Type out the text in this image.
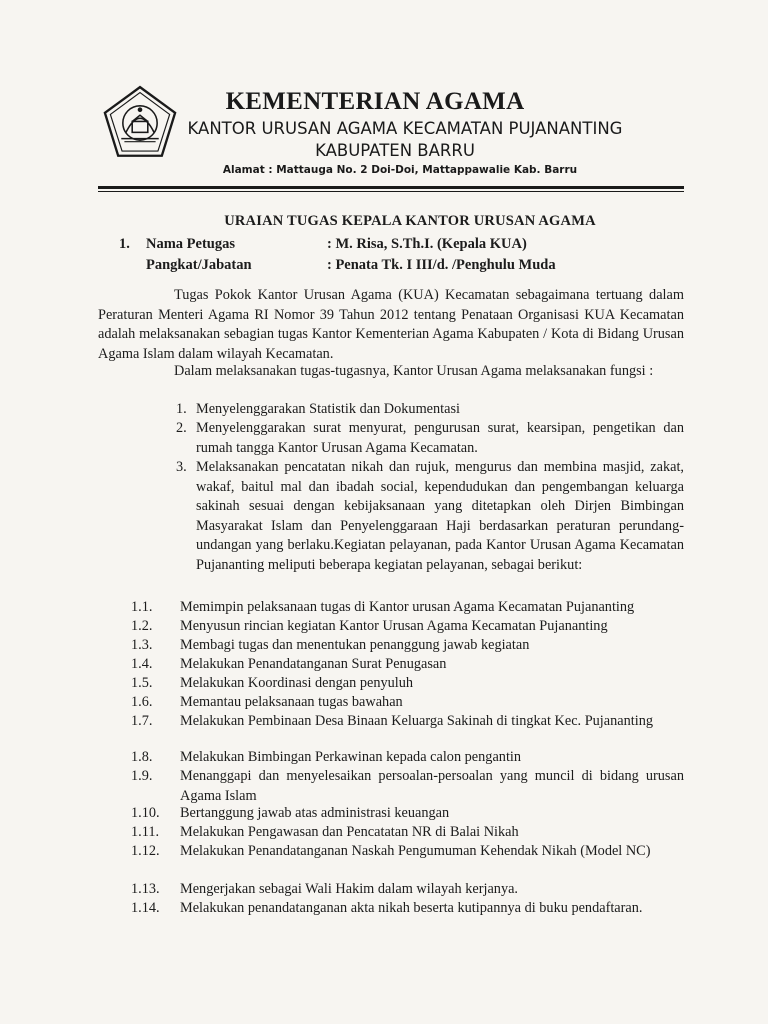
KEMENTERIAN AGAMA
KANTOR URUSAN AGAMA KECAMATAN PUJANANTING
KABUPATEN BARRU
Alamat : Mattauga No. 2 Doi-Doi, Mattappawalie Kab. Barru
URAIAN TUGAS KEPALA KANTOR URUSAN AGAMA
1. Nama Petugas	: M. Risa, S.Th.I. (Kepala KUA)
Pangkat/Jabatan	: Penata Tk. I III/d. /Penghulu Muda
Tugas Pokok Kantor Urusan Agama (KUA) Kecamatan sebagaimana tertuang dalam Peraturan Menteri Agama RI Nomor 39 Tahun 2012 tentang Penataan Organisasi KUA Kecamatan adalah melaksanakan sebagian tugas Kantor Kementerian Agama Kabupaten / Kota di Bidang Urusan Agama Islam dalam wilayah Kecamatan.
Dalam melaksanakan tugas-tugasnya, Kantor Urusan Agama melaksanakan fungsi :
1. Menyelenggarakan Statistik dan Dokumentasi
2. Menyelenggarakan surat menyurat, pengurusan surat, kearsipan, pengetikan dan rumah tangga Kantor Urusan Agama Kecamatan.
3. Melaksanakan pencatatan nikah dan rujuk, mengurus dan membina masjid, zakat, wakaf, baitul mal dan ibadah social, kependudukan dan pengembangan keluarga sakinah sesuai dengan kebijaksanaan yang ditetapkan oleh Dirjen Bimbingan Masyarakat Islam dan Penyelenggaraan Haji berdasarkan peraturan perundang-undangan yang berlaku.Kegiatan pelayanan, pada Kantor Urusan Agama Kecamatan Pujananting meliputi beberapa kegiatan pelayanan, sebagai berikut:
1.1. Memimpin pelaksanaan tugas di Kantor urusan Agama Kecamatan Pujananting
1.2. Menyusun rincian kegiatan Kantor Urusan Agama Kecamatan Pujananting
1.3. Membagi tugas dan menentukan penanggung jawab kegiatan
1.4. Melakukan Penandatanganan Surat Penugasan
1.5. Melakukan Koordinasi dengan penyuluh
1.6. Memantau pelaksanaan tugas bawahan
1.7. Melakukan Pembinaan Desa Binaan Keluarga Sakinah di tingkat Kec. Pujananting
1.8. Melakukan Bimbingan Perkawinan kepada calon pengantin
1.9. Menanggapi dan menyelesaikan persoalan-persoalan yang muncil di bidang urusan Agama Islam
1.10. Bertanggung jawab atas administrasi keuangan
1.11. Melakukan Pengawasan dan Pencatatan NR di Balai Nikah
1.12. Melakukan Penandatanganan Naskah Pengumuman Kehendak Nikah (Model NC)
1.13. Mengerjakan sebagai Wali Hakim dalam wilayah kerjanya.
1.14. Melakukan penandatanganan akta nikah beserta kutipannya di buku pendaftaran.
